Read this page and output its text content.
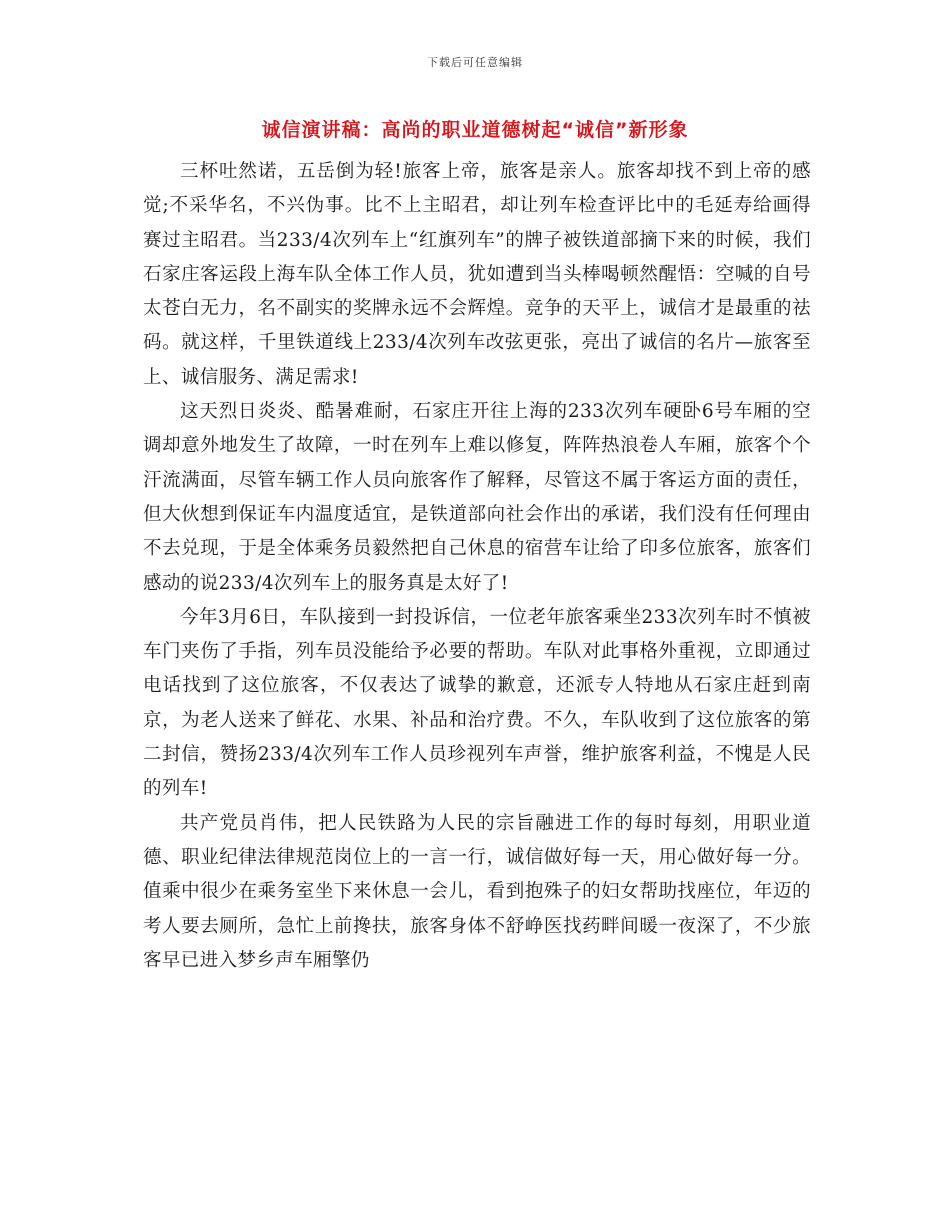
下载后可任意编辑
诚信演讲稿：高尚的职业道德树起“诚信”新形象

三杯吐然诺，五岳倒为轻!旅客上帝，旅客是亲人。旅客却找不到上帝的感觉;不采华名，不兴伪事。比不上主昭君，却让列车检查评比中的毛延寿给画得赛过主昭君。当233/4次列车上“红旗列车”的牌子被铁道部摘下来的时候，我们石家庄客运段上海车队全体工作人员，犹如遭到当头棒喝顿然醒悟：空喊的自号太苍白无力，名不副实的奖牌永远不会辉煌。竞争的天平上，诚信才是最重的祛码。就这样，千里铁道线上233/4次列车改弦更张，亮出了诚信的名片—旅客至上、诚信服务、满足需求!

这天烈日炎炎、酷暑难耐，石家庄开往上海的233次列车硬卧6号车厢的空调却意外地发生了故障，一时在列车上难以修复，阵阵热浪卷人车厢，旅客个个汗流满面，尽管车辆工作人员向旅客作了解释，尽管这不属于客运方面的责任，但大伙想到保证车内温度适宜，是铁道部向社会作出的承诺，我们没有任何理由不去兑现，于是全体乘务员毅然把自己休息的宿营车让给了印多位旅客，旅客们感动的说233/4次列车上的服务真是太好了!

今年3月6日，车队接到一封投诉信，一位老年旅客乘坐233次列车时不慎被车门夹伤了手指，列车员没能给予必要的帮助。车队对此事格外重视，立即通过电话找到了这位旅客，不仅表达了诚挚的歉意，还派专人特地从石家庄赶到南京，为老人送来了鲜花、水果、补品和治疗费。不久，车队收到了这位旅客的第二封信，赞扬233/4次列车工作人员珍视列车声誉，维护旅客利益，不愧是人民的列车!

共产党员肖伟，把人民铁路为人民的宗旨融进工作的每时每刻，用职业道德、职业纪律法律规范岗位上的一言一行，诚信做好每一天，用心做好每一分。值乘中很少在乘务室坐下来休息一会儿，看到抱殊子的妇女帮助找座位，年迈的考人要去厕所，急忙上前搀扶，旅客身体不舒峥医找药畔间暖一夜深了，不少旅客早已进入梦乡声车厢擎仍
